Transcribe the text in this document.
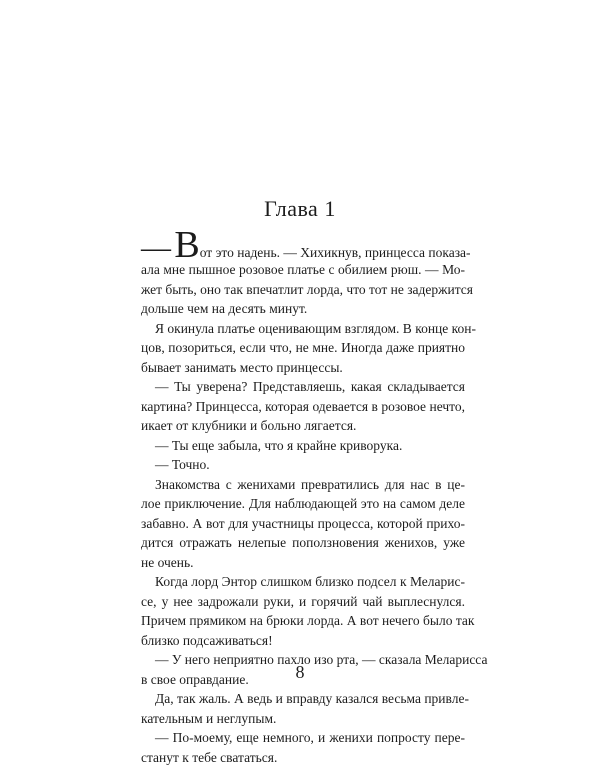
Глава 1
— Вот это надень. — Хихикнув, принцесса показа-
ала мне пышное розовое платье с обилием рюш. — Мо-
жет быть, оно так впечатлит лорда, что тот не задержится
дольше чем на десять минут.
Я окинула платье оценивающим взглядом. В конце кон-
цов, позориться, если что, не мне. Иногда даже приятно
бывает занимать место принцессы.
— Ты уверена? Представляешь, какая складывается
картина? Принцесса, которая одевается в розовое нечто,
икает от клубники и больно лягается.
— Ты еще забыла, что я крайне криворука.
— Точно.
Знакомства с женихами превратились для нас в це-
лое приключение. Для наблюдающей это на самом деле
забавно. А вот для участницы процесса, которой прихо-
дится отражать нелепые поползновения женихов, уже
не очень.
Когда лорд Энтор слишком близко подсел к Меларис-
се, у нее задрожали руки, и горячий чай выплеснулся.
Причем прямиком на брюки лорда. А вот нечего было так
близко подсаживаться!
— У него неприятно пахло изо рта, — сказала Меларисса
в свое оправдание.
Да, так жаль. А ведь и вправду казался весьма привле-
кательным и неглупым.
— По-моему, еще немного, и женихи попросту пере-
станут к тебе свататься.

8
